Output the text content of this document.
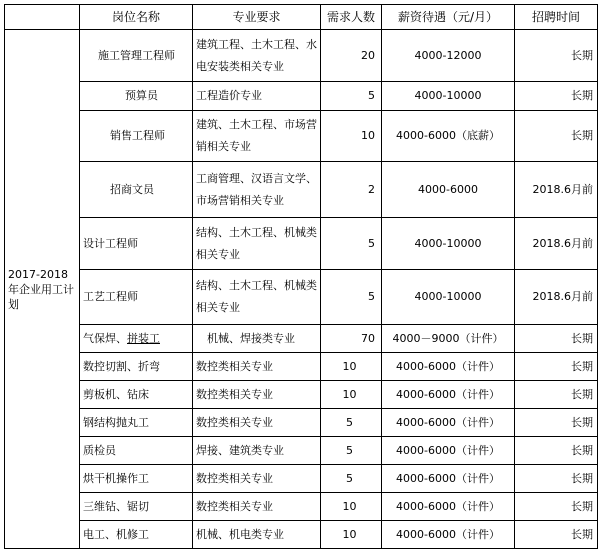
	岗位名称	专业要求	需求人数	薪资待遇（元/月）	招聘时间
2017-2018年企业用工计划	施工管理工程师	建筑工程、土木工程、水电安装类相关专业	20	4000-12000	长期
	预算员	工程造价专业	5	4000-10000	长期
	销售工程师	建筑、土木工程、市场营销相关专业	10	4000-6000（底薪）	长期
	招商文员	工商管理、汉语言文学、市场营销相关专业	2	4000-6000	2018.6月前
	设计工程师	结构、土木工程、机械类相关专业	5	4000-10000	2018.6月前
	工艺工程师	结构、土木工程、机械类相关专业	5	4000-10000	2018.6月前
	气保焊、拼装工	机械、焊接类专业	70	4000－9000（计件）	长期
	数控切割、折弯	数控类相关专业	10	4000-6000（计件）	长期
	剪板机、钻床	数控类相关专业	10	4000-6000（计件）	长期
	钢结构抛丸工	数控类相关专业	5	4000-6000（计件）	长期
	质检员	焊接、建筑类专业	5	4000-6000（计件）	长期
	烘干机操作工	数控类相关专业	5	4000-6000（计件）	长期
	三维钻、锯切	数控类相关专业	10	4000-6000（计件）	长期
	电工、机修工	机械、机电类专业	10	4000-6000（计件）	长期
